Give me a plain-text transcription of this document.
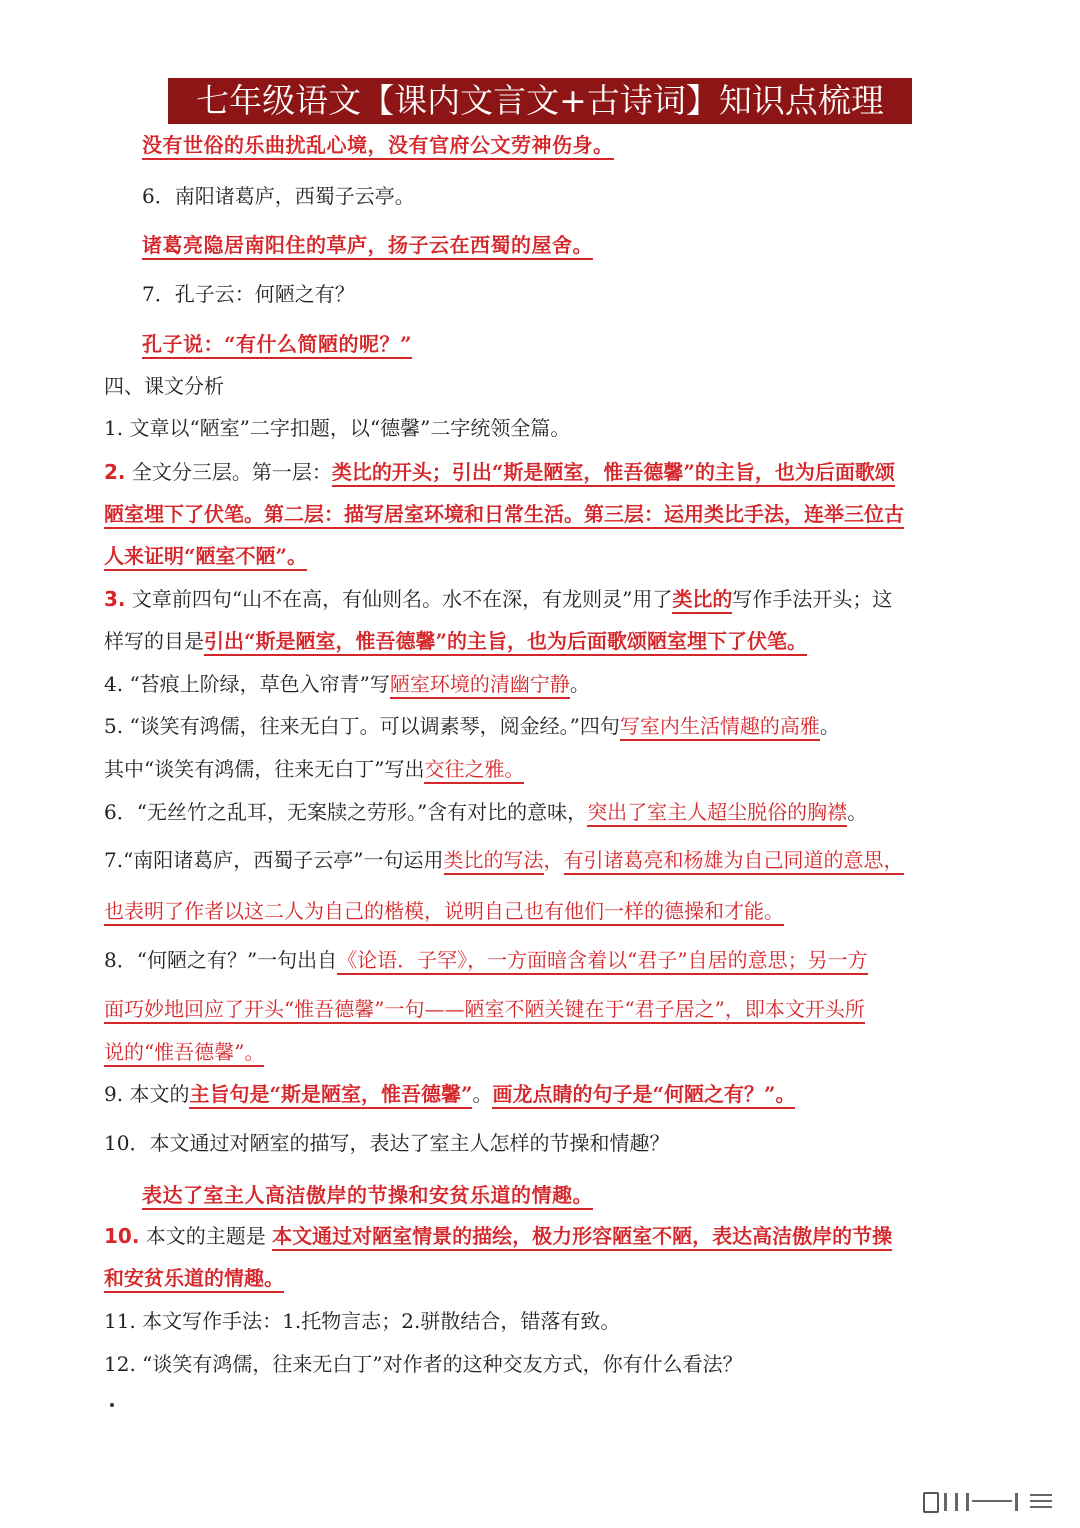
七年级语文【课内文言文+古诗词】知识点梳理
没有世俗的乐曲扰乱心境，没有官府公文劳神伤身。
6．南阳诸葛庐，西蜀子云亭。
诸葛亮隐居南阳住的草庐，扬子云在西蜀的屋舍。
7．孔子云：何陋之有？
孔子说：“有什么简陋的呢？”
四、课文分析
1. 文章以“陋室”二字扣题，以“德馨”二字统领全篇。
2. 全文分三层。第一层：类比的开头；引出“斯是陋室，惟吾德馨”的主旨，也为后面歌颂
陋室埋下了伏笔。第二层：描写居室环境和日常生活。第三层：运用类比手法，连举三位古
人来证明“陋室不陋”。
3. 文章前四句“山不在高，有仙则名。水不在深，有龙则灵”用了类比的写作手法开头；这
样写的目是引出“斯是陋室，惟吾德馨”的主旨，也为后面歌颂陋室埋下了伏笔。
4. “苔痕上阶绿，草色入帘青”写陋室环境的清幽宁静。
5. “谈笑有鸿儒，往来无白丁。可以调素琴，阅金经。”四句写室内生活情趣的高雅。
其中“谈笑有鸿儒，往来无白丁”写出交往之雅。
6．“无丝竹之乱耳，无案牍之劳形。”含有对比的意味，突出了室主人超尘脱俗的胸襟。
7.“南阳诸葛庐，西蜀子云亭”一句运用类比的写法，有引诸葛亮和杨雄为自己同道的意思，
也表明了作者以这二人为自己的楷模，说明自己也有他们一样的德操和才能。
8．“何陋之有？”一句出自《论语．子罕》，一方面暗含着以“君子”自居的意思；另一方
面巧妙地回应了开头“惟吾德馨”一句——陋室不陋关键在于“君子居之”，即本文开头所
说的“惟吾德馨”。
9. 本文的主旨句是“斯是陋室，惟吾德馨”。画龙点睛的句子是“何陋之有？”。
10．本文通过对陋室的描写，表达了室主人怎样的节操和情趣？
表达了室主人高洁傲岸的节操和安贫乐道的情趣。
10. 本文的主题是 本文通过对陋室情景的描绘，极力形容陋室不陋，表达高洁傲岸的节操
和安贫乐道的情趣。
11. 本文写作手法：1.托物言志；2.骈散结合，错落有致。
12. “谈笑有鸿儒，往来无白丁”对作者的这种交友方式，你有什么看法？
